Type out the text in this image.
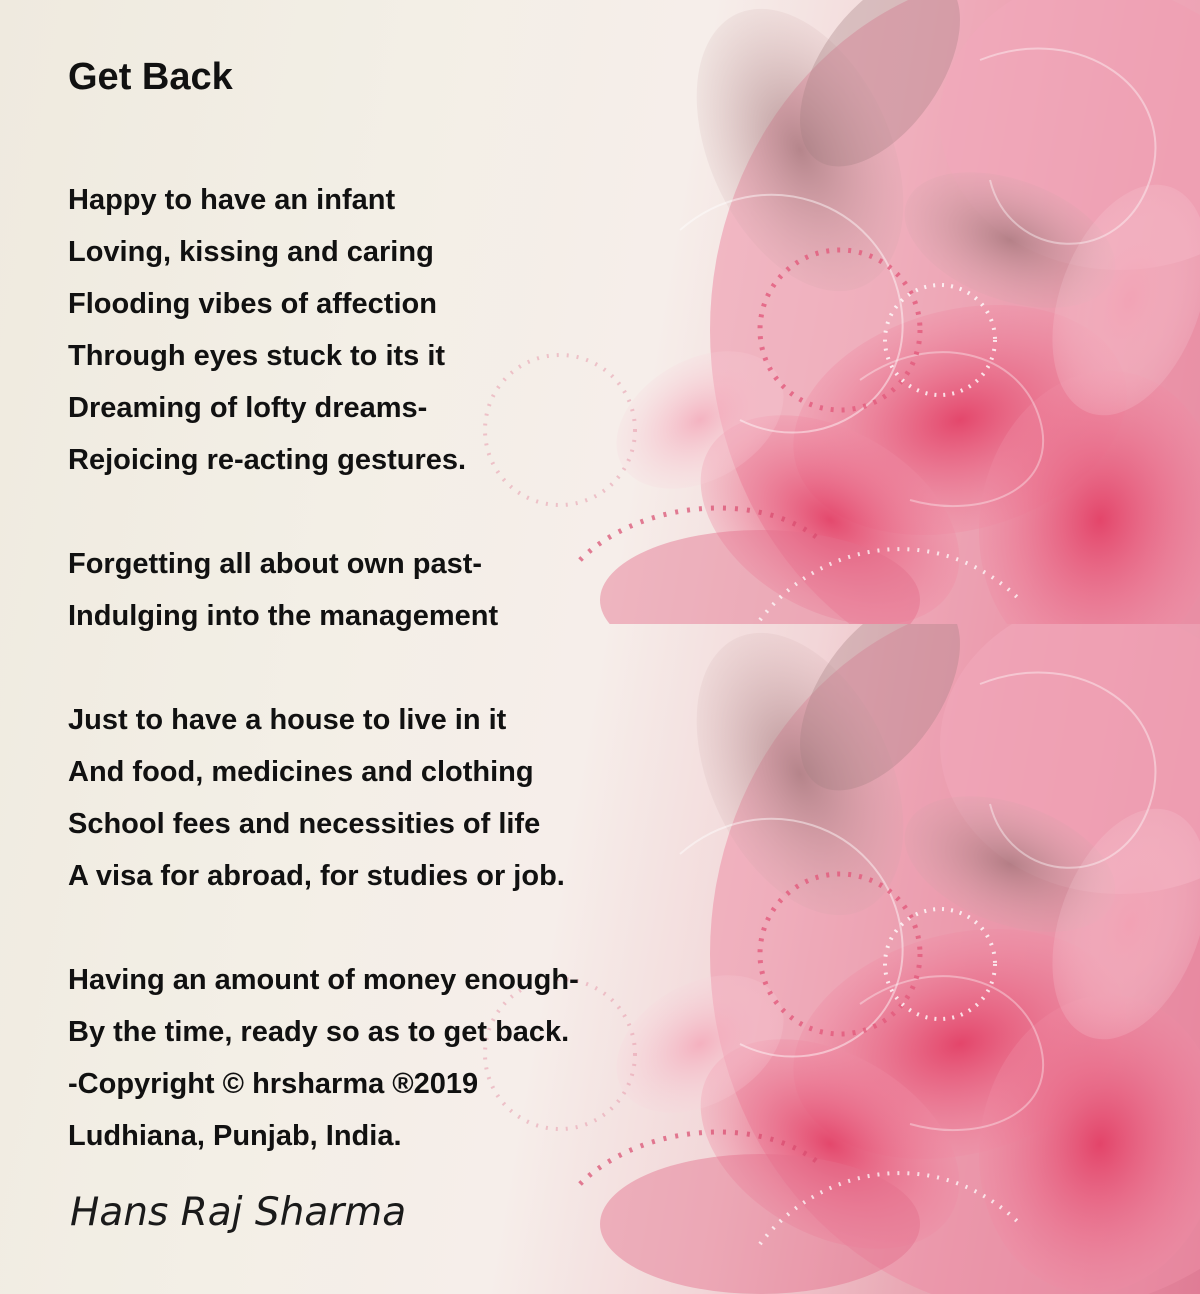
Get Back
Happy to have an infant
Loving, kissing and caring
Flooding vibes of affection
Through eyes stuck to its it
Dreaming of lofty dreams-
Rejoicing re-acting gestures.
Forgetting all about own past-
Indulging into the management
Just to have a house to live in it
And food, medicines and clothing
School fees and necessities of life
A visa for abroad, for studies or job.
Having an amount of money enough-
By the time, ready so as to get back.
-Copyright © hrsharma ®2019
Ludhiana, Punjab, India.
Hans Raj Sharma
